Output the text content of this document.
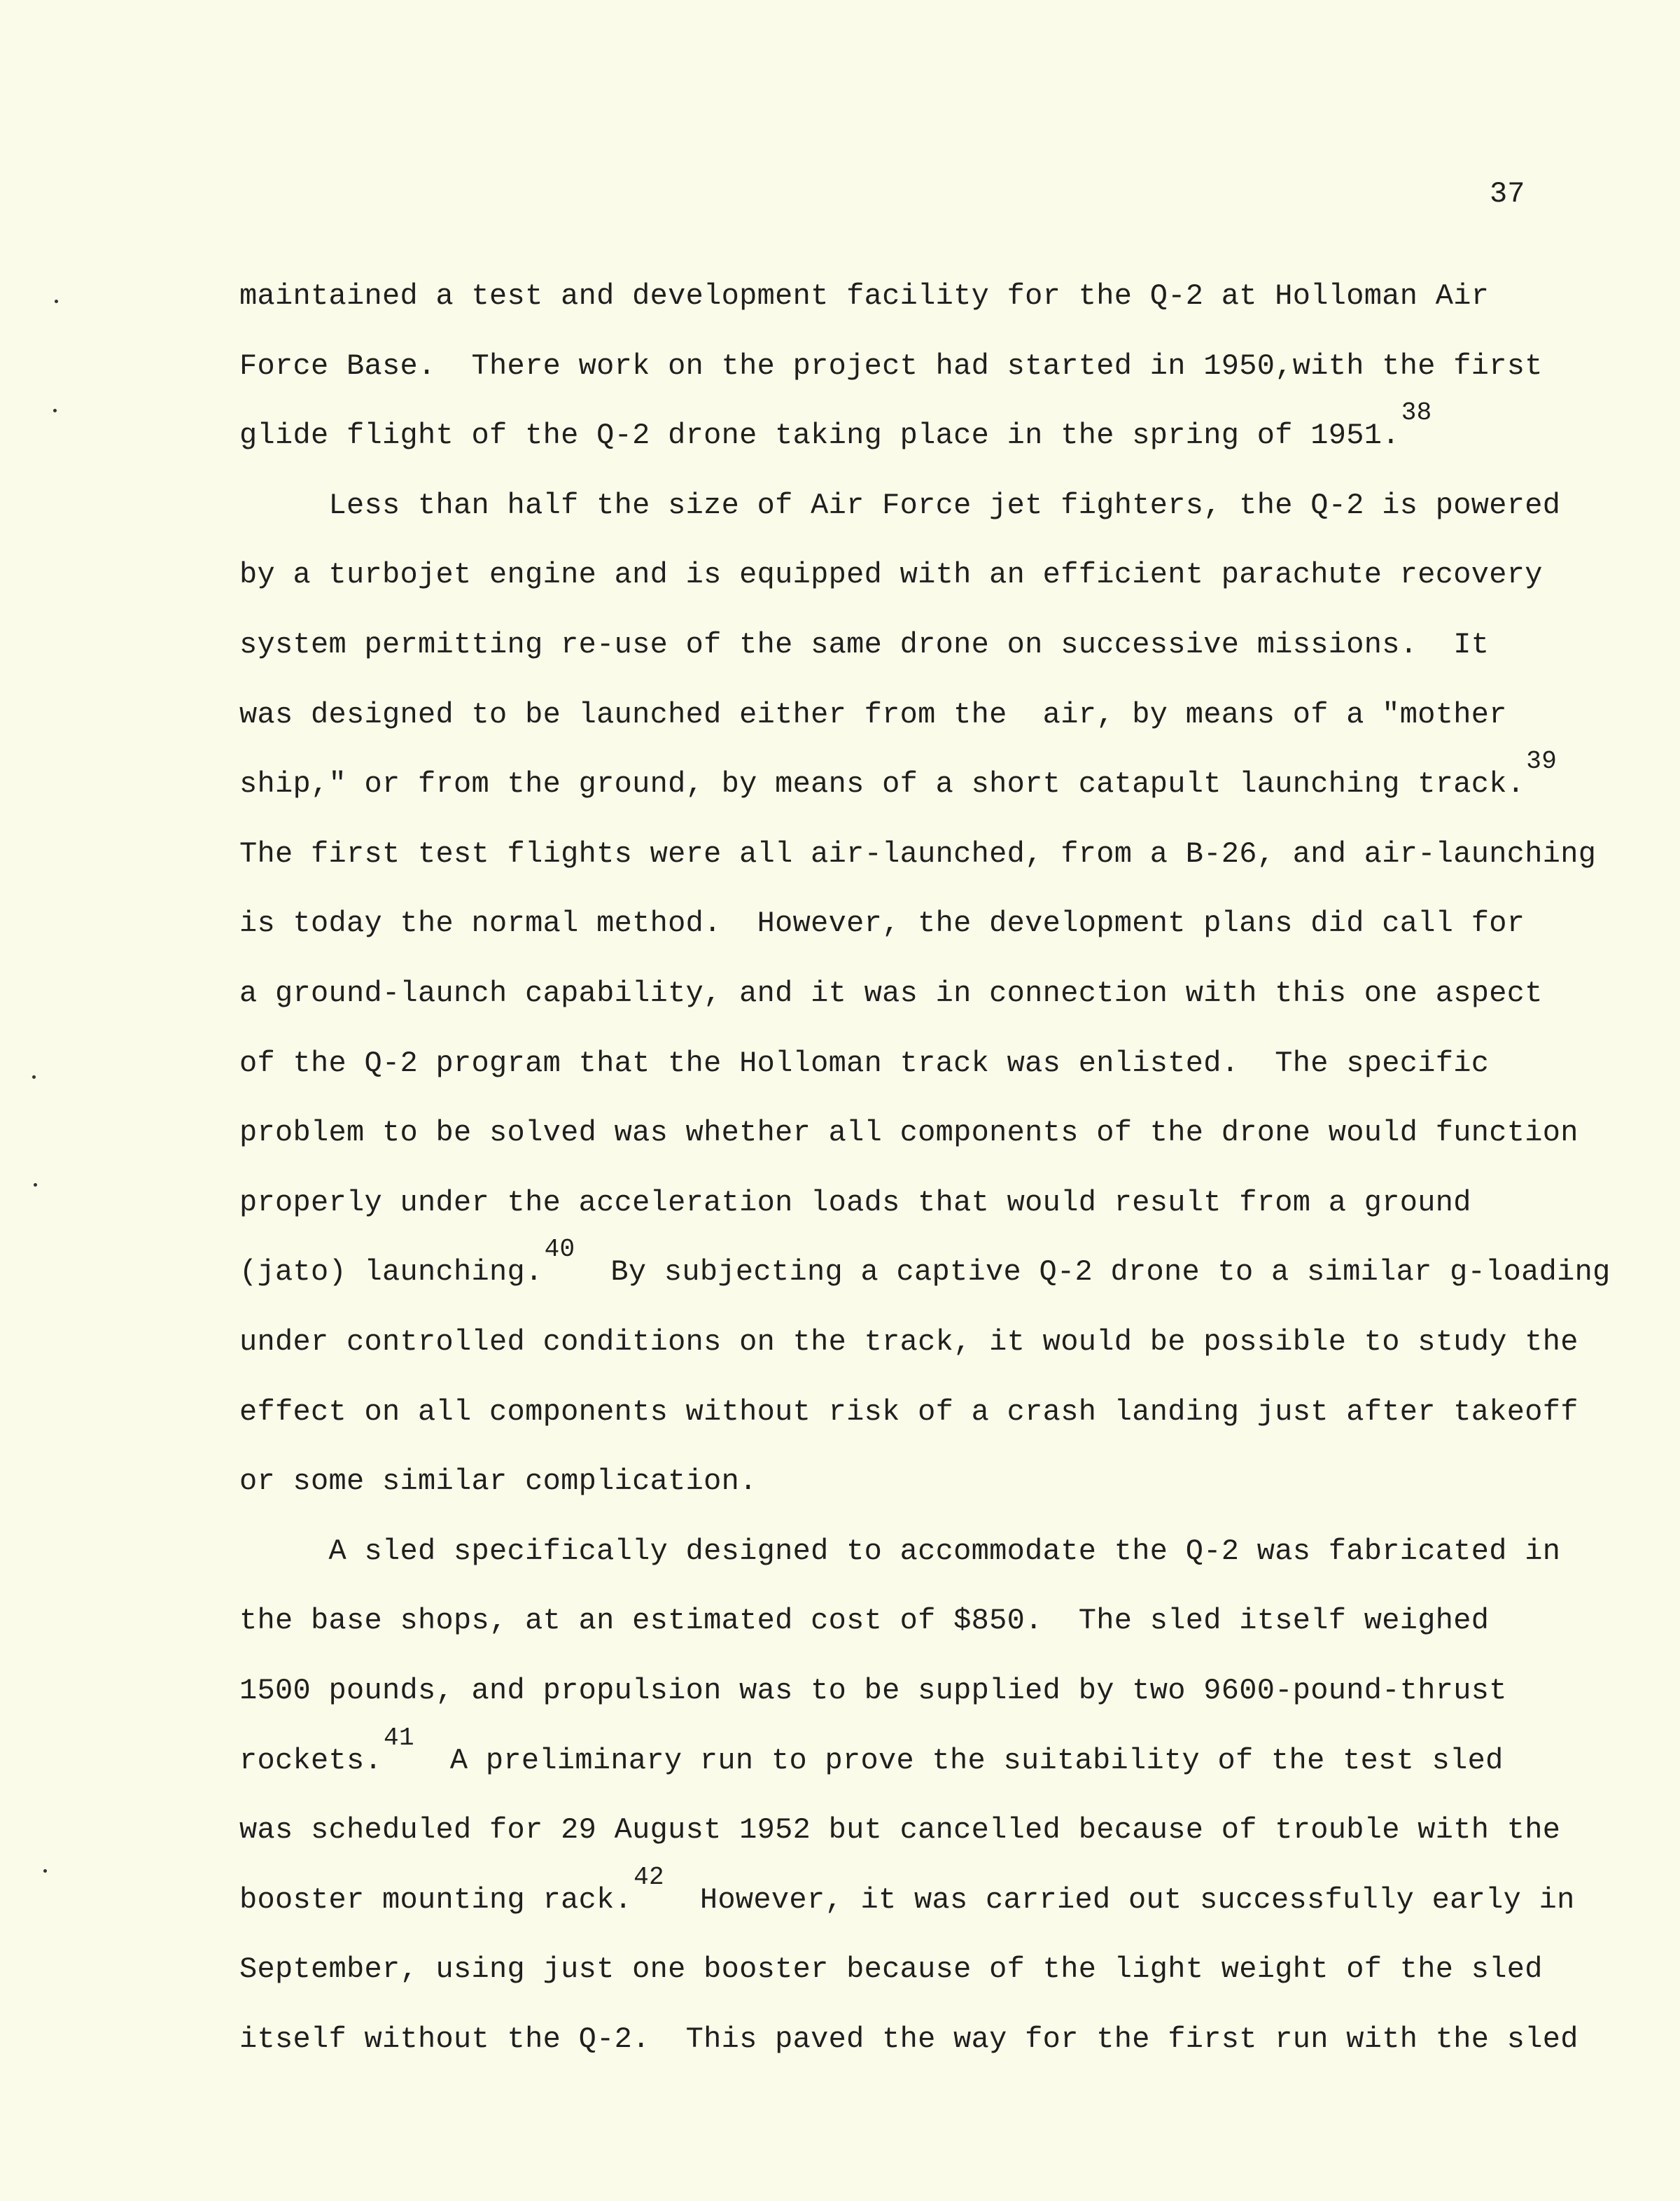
37
maintained a test and development facility for the Q-2 at Holloman Air
Force Base.  There work on the project had started in 1950,with the first
glide flight of the Q-2 drone taking place in the spring of 1951.38
Less than half the size of Air Force jet fighters, the Q-2 is powered
by a turbojet engine and is equipped with an efficient parachute recovery
system permitting re-use of the same drone on successive missions.  It
was designed to be launched either from the  air, by means of a "mother
ship," or from the ground, by means of a short catapult launching track.39
The first test flights were all air-launched, from a B-26, and air-launching
is today the normal method.  However, the development plans did call for
a ground-launch capability, and it was in connection with this one aspect
of the Q-2 program that the Holloman track was enlisted.  The specific
problem to be solved was whether all components of the drone would function
properly under the acceleration loads that would result from a ground
(jato) launching.40  By subjecting a captive Q-2 drone to a similar g-loading
under controlled conditions on the track, it would be possible to study the
effect on all components without risk of a crash landing just after takeoff
or some similar complication.
A sled specifically designed to accommodate the Q-2 was fabricated in
the base shops, at an estimated cost of $850.  The sled itself weighed
1500 pounds, and propulsion was to be supplied by two 9600-pound-thrust
rockets.41  A preliminary run to prove the suitability of the test sled
was scheduled for 29 August 1952 but cancelled because of trouble with the
booster mounting rack.42  However, it was carried out successfully early in
September, using just one booster because of the light weight of the sled
itself without the Q-2.  This paved the way for the first run with the sled
